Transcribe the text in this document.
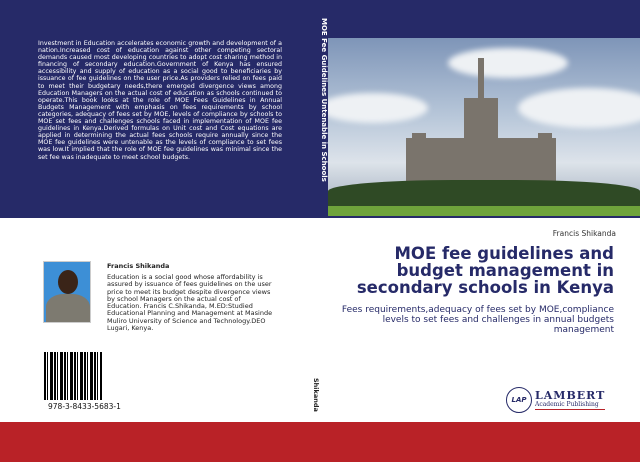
Investment in Education accelerates economic growth and development of a nation.Increased cost of education against other competing sectoral demands caused most developing countries to adopt cost sharing method in financing of secondary education.Government of Kenya has ensured accessibility and supply of education as a social good to beneficiaries by issuance of fee guidelines on the user price.As providers relied on fees paid to meet their budgetary needs,there emerged divergence views among Education Managers on the actual cost of education as schools continued to operate.This book looks at the role of MOE Fees Guidelines in Annual Budgets Management with emphasis on fees requirements by school categories, adequacy of fees set by MOE, levels of compliance by schools to MOE set fees and challenges schools faced in implementation of MOE fee guidelines in Kenya.Derived formulas on Unit cost and Cost equations are applied in determining the actual fees schools require annually since the MOE fee guidelines were untenable as the levels of compliance to set fees was low.It implied that the role of MOE fee guidelines was minimal since the set fee was inadequate to meet school budgets.	MOE Fee Guidelines Untenable in Schools
Shikanda
Francis Shikanda
MOE fee guidelines and budget management in secondary schools in Kenya
Fees requirements,adequacy of fees set by MOE,compliance levels to set fees and challenges in annual budgets management
Francis Shikanda
Education is a social good whose affordability is assured by issuance of fees guidelines on the user price to meet its budget despite divergence views by school Managers on the actual cost of Education. Francis C.Shikanda, M.ED:Studied Educational Planning and Management at Masinde Muliro University of Science and Technology.DEO Lugari, Kenya.
978-3-8433-5683-1
LAP LAMBERT
Academic Publishing
